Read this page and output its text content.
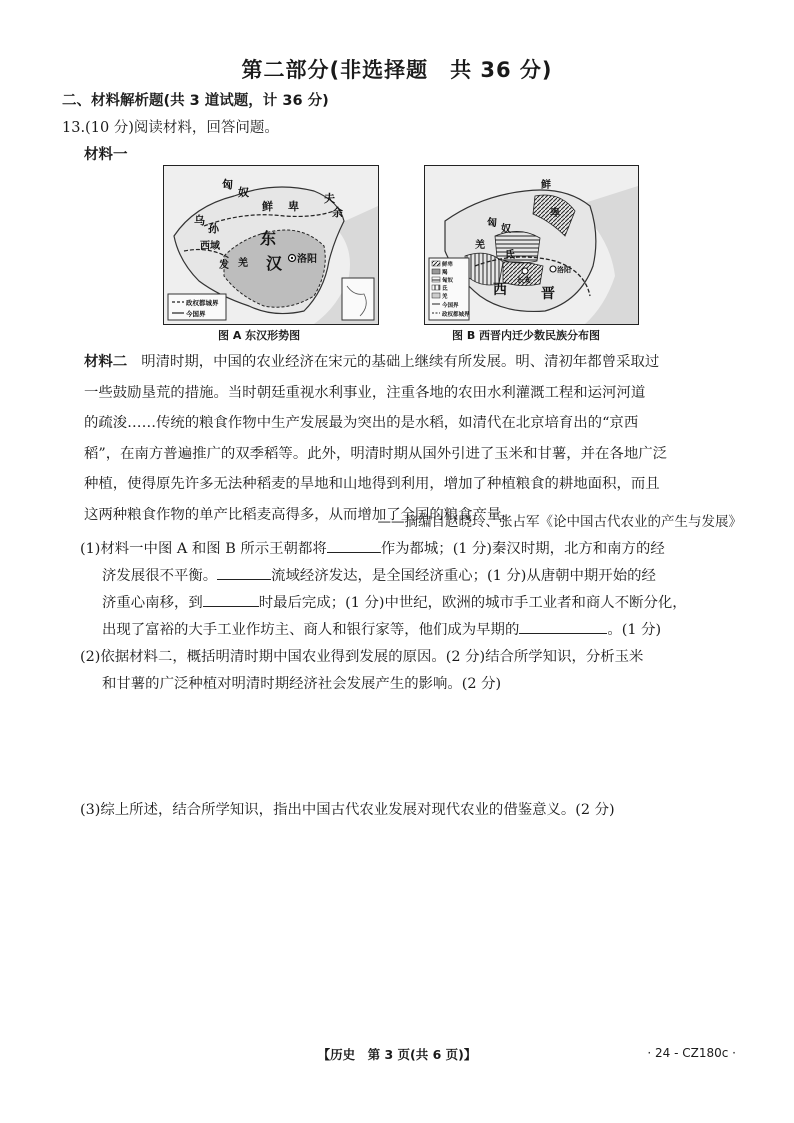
第二部分(非选择题　共 36 分)
二、材料解析题(共 3 道试题，计 36 分)
13.(10 分)阅读材料，回答问题。
材料一
政权都城界
今国界
匈
奴
鲜 卑
夫
余
乌
孙
西域	东
汉 洛阳
羌
发
图 A 东汉形势图
鲜卑
羯
匈奴
氐
羌
今国界
政权都城界
鲜
卑
匈
奴
羌
氐
西 晋
长安
洛阳
图 B 西晋内迁少数民族分布图
材料二 明清时期，中国的农业经济在宋元的基础上继续有所发展。明、清初年都曾采取过
一些鼓励垦荒的措施。当时朝廷重视水利事业，注重各地的农田水利灌溉工程和运河河道
的疏浚……传统的粮食作物中生产发展最为突出的是水稻，如清代在北京培育出的“京西
稻”，在南方普遍推广的双季稻等。此外，明清时期从国外引进了玉米和甘薯，并在各地广泛
种植，使得原先许多无法种稻麦的旱地和山地得到利用，增加了种植粮食的耕地面积，而且
这两种粮食作物的单产比稻麦高得多，从而增加了全国的粮食产量。
——摘编自赵晓玲、张占军《论中国古代农业的产生与发展》
(1)材料一中图 A 和图 B 所示王朝都将	作为都城；(1 分)秦汉时期，北方和南方的经
济发展很不平衡。	流域经济发达，是全国经济重心；(1 分)从唐朝中期开始的经
济重心南移，到	时最后完成；(1 分)中世纪，欧洲的城市手工业者和商人不断分化，
出现了富裕的大手工业作坊主、商人和银行家等，他们成为早期的	。(1 分)
(2)依据材料二，概括明清时期中国农业得到发展的原因。(2 分)结合所学知识，分析玉米
和甘薯的广泛种植对明清时期经济社会发展产生的影响。(2 分)
(3)综上所述，结合所学知识，指出中国古代农业发展对现代农业的借鉴意义。(2 分)
【历史　第 3 页(共 6 页)】	· 24 - CZ180c ·
